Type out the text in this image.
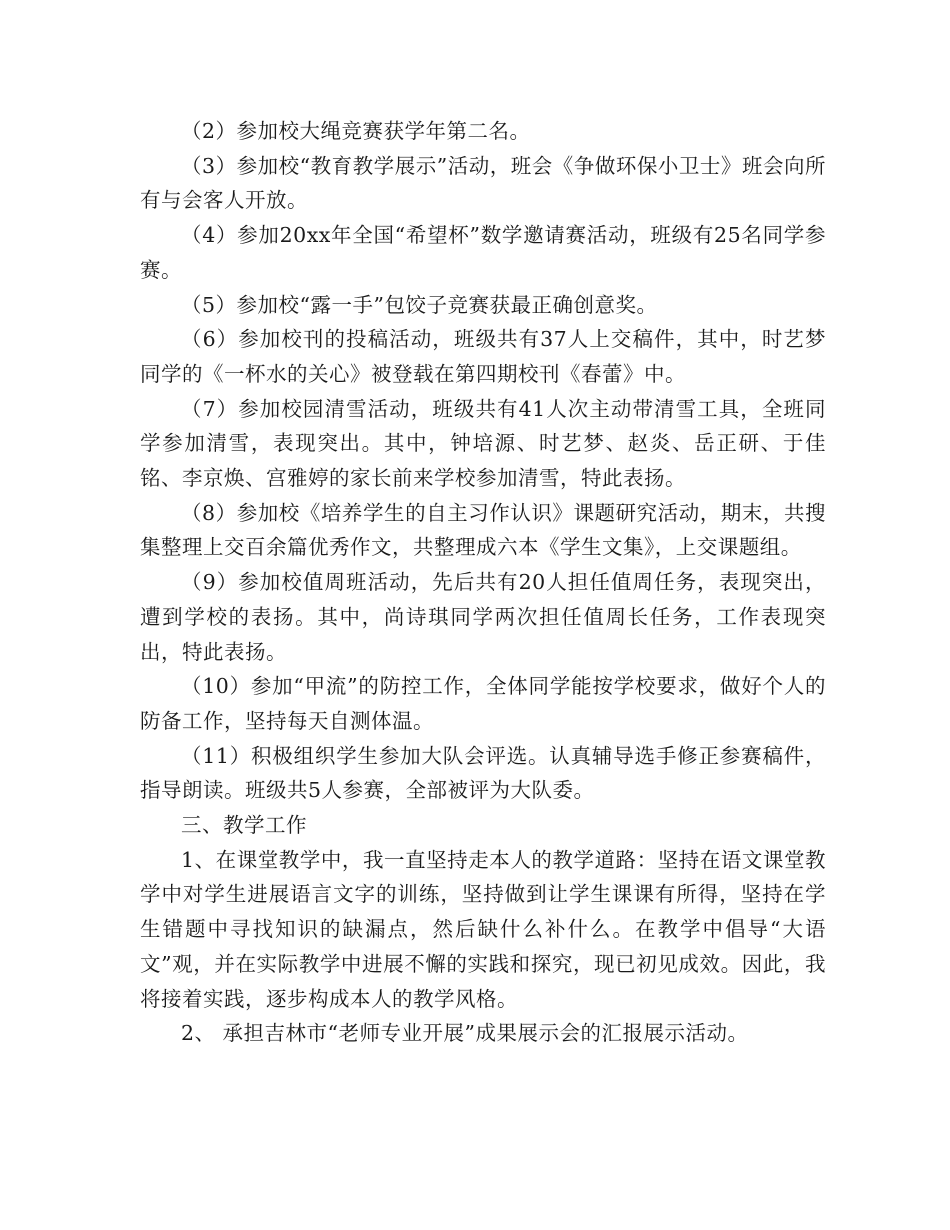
（2）参加校大绳竞赛获学年第二名。

（3）参加校“教育教学展示”活动，班会《争做环保小卫士》班会向所有与会客人开放。

（4）参加20xx年全国“希望杯”数学邀请赛活动，班级有25名同学参赛。

（5）参加校“露一手”包饺子竞赛获最正确创意奖。

（6）参加校刊的投稿活动，班级共有37人上交稿件，其中，时艺梦同学的《一杯水的关心》被登载在第四期校刊《春蕾》中。

（7）参加校园清雪活动，班级共有41人次主动带清雪工具，全班同学参加清雪，表现突出。其中，钟培源、时艺梦、赵炎、岳正研、于佳铭、李京焕、宫雅婷的家长前来学校参加清雪，特此表扬。

（8）参加校《培养学生的自主习作认识》课题研究活动，期末，共搜集整理上交百余篇优秀作文，共整理成六本《学生文集》，上交课题组。

（9）参加校值周班活动，先后共有20人担任值周任务，表现突出，遭到学校的表扬。其中，尚诗琪同学两次担任值周长任务，工作表现突出，特此表扬。

（10）参加“甲流”的防控工作，全体同学能按学校要求，做好个人的防备工作，坚持每天自测体温。

（11）积极组织学生参加大队会评选。认真辅导选手修正参赛稿件，指导朗读。班级共5人参赛，全部被评为大队委。

三、教学工作

1、在课堂教学中，我一直坚持走本人的教学道路：坚持在语文课堂教学中对学生进展语言文字的训练，坚持做到让学生课课有所得，坚持在学生错题中寻找知识的缺漏点，然后缺什么补什么。在教学中倡导“大语文”观，并在实际教学中进展不懈的实践和探究，现已初见成效。因此，我将接着实践，逐步构成本人的教学风格。

2、 承担吉林市“老师专业开展”成果展示会的汇报展示活动。
